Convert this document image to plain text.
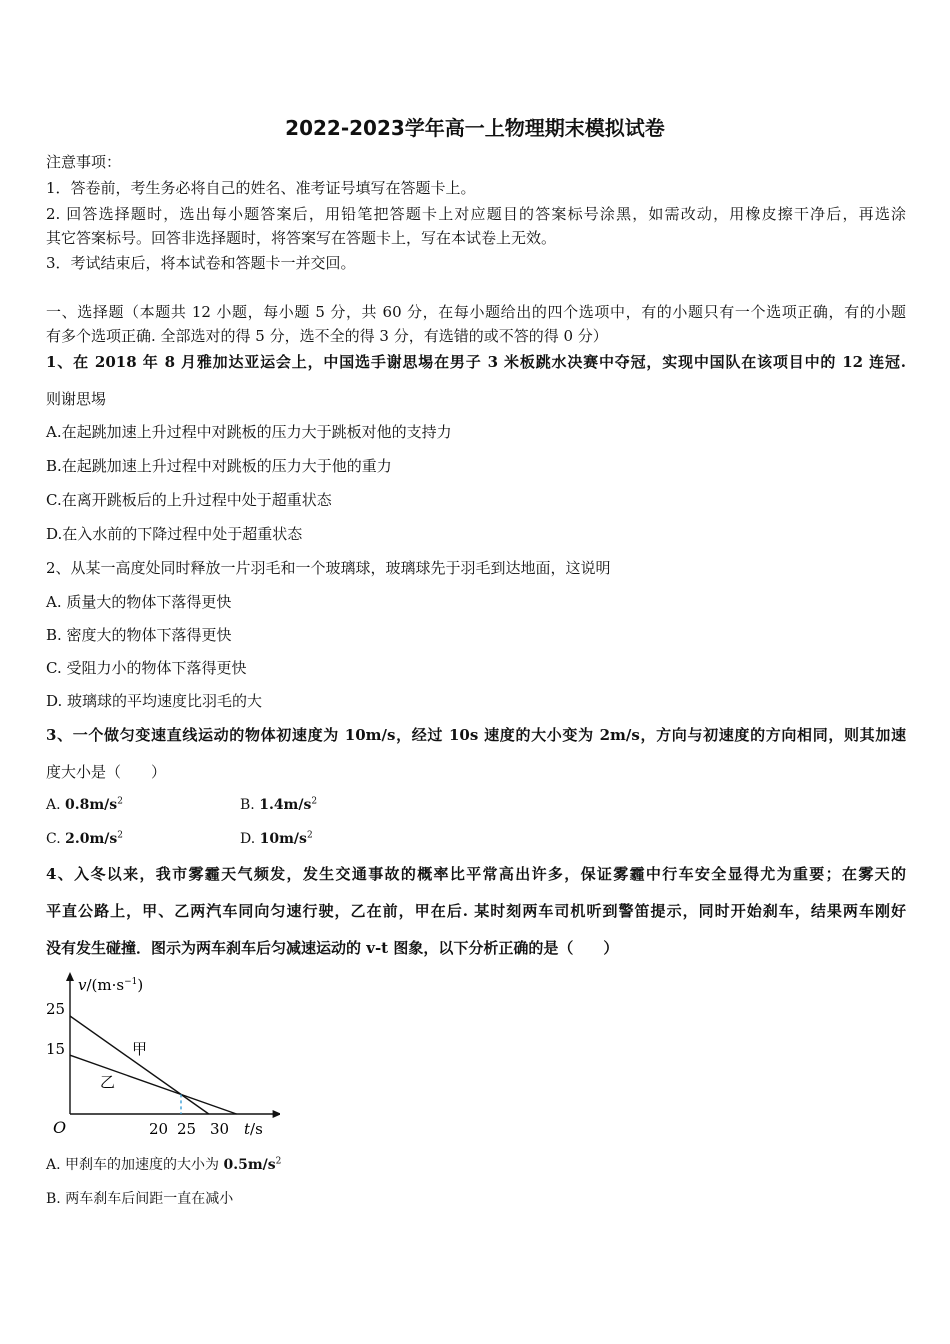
2022-2023学年高一上物理期末模拟试卷
注意事项：
1．答卷前，考生务必将自己的姓名、准考证号填写在答题卡上。
2. 回答选择题时，选出每小题答案后，用铅笔把答题卡上对应题目的答案标号涂黑，如需改动，用橡皮擦干净后，再选涂
其它答案标号。回答非选择题时，将答案写在答题卡上，写在本试卷上无效。
3．考试结束后，将本试卷和答题卡一并交回。
一、选择题（本题共 12 小题，每小题 5 分，共 60 分，在每小题给出的四个选项中，有的小题只有一个选项正确，有的小题
有多个选项正确. 全部选对的得 5 分，选不全的得 3 分，有选错的或不答的得 0 分）
1、在 2018 年 8 月雅加达亚运会上，中国选手谢思埸在男子 3 米板跳水决赛中夺冠，实现中国队在该项目中的 12 连冠.
则谢思埸
A.在起跳加速上升过程中对跳板的压力大于跳板对他的支持力
B.在起跳加速上升过程中对跳板的压力大于他的重力
C.在离开跳板后的上升过程中处于超重状态
D.在入水前的下降过程中处于超重状态
2、从某一高度处同时释放一片羽毛和一个玻璃球，玻璃球先于羽毛到达地面，这说明
A. 质量大的物体下落得更快
B. 密度大的物体下落得更快
C. 受阻力小的物体下落得更快
D. 玻璃球的平均速度比羽毛的大
3、一个做匀变速直线运动的物体初速度为 10m/s，经过 10s 速度的大小变为 2m/s，方向与初速度的方向相同，则其加速
度大小是（　　）
A. $0.8m/s^2$	B. $1.4m/s^2$
C. $2.0m/s^2$	D. $10m/s^2$
4、入冬以来，我市雾霾天气频发，发生交通事故的概率比平常高出许多，保证雾霾中行车安全显得尤为重要；在雾天的
平直公路上，甲、乙两汽车同向匀速行驶，乙在前，甲在后. 某时刻两车司机听到警笛提示，同时开始刹车，结果两车刚好
没有发生碰撞．图示为两车刹车后匀减速运动的 v-t 图象，以下分析正确的是（　　）
$v/(m\cdot s^{-1})$
t/s
O
25
15
20 25 30
甲
乙
A. 甲刹车的加速度的大小为 $0.5m/s^2$
B. 两车刹车后间距一直在减小
